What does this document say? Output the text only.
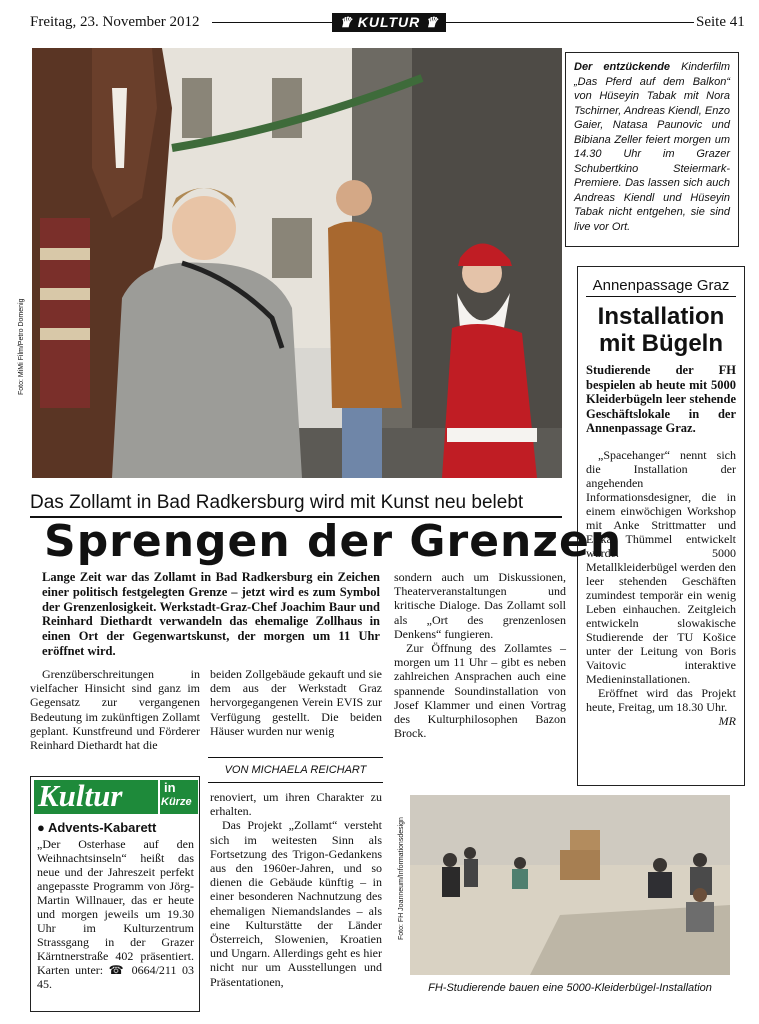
Freitag, 23. November 2012	♛ KULTUR ♛	Seite 41
Foto: MiMi Film/Petro Domenig

Der entzückende Kinderfilm „Das Pferd auf dem Balkon“ von Hüseyin Tabak mit Nora Tschirner, Andreas Kiendl, Enzo Gaier, Natasa Paunovic und Bibiana Zeller feiert morgen um 14.30 Uhr im Grazer Schubertkino Steiermark-Premiere. Das lassen sich auch Andreas Kiendl und Hüseyin Tabak nicht entgehen, sie sind live vor Ort.

Annenpassage Graz
Installation mit Bügeln
Studierende der FH bespielen ab heute mit 5000 Kleiderbügeln leer stehende Geschäftslokale in der Annenpassage Graz.

„Spacehanger“ nennt sich die Installation der angehenden Informationsdesigner, die in einem einwöchigen Workshop mit Anke Strittmatter und Erika Thümmel entwickelt wurde. 5000 Metallkleiderbügel werden den leer stehenden Geschäften zumindest temporär ein wenig Leben einhauchen. Zeitgleich entwickeln slowakische Studierende der TU Košice unter der Leitung von Boris Vaitovic interaktive Medieninstallationen.

Eröffnet wird das Projekt heute, Freitag, um 18.30 Uhr.
MR

Das Zollamt in Bad Radkersburg wird mit Kunst neu belebt
Sprengen der Grenzen
Lange Zeit war das Zollamt in Bad Radkersburg ein Zeichen einer politisch festgelegten Grenze – jetzt wird es zum Symbol der Grenzenlosigkeit. Werkstadt-Graz-Chef Joachim Baur und Reinhard Diethardt verwandeln das ehemalige Zollhaus in einen Ort der Gegenwartskunst, der morgen um 11 Uhr eröffnet wird.

Grenzüberschreitungen in vielfacher Hinsicht sind ganz im Gegensatz zur vergangenen Bedeutung im zukünftigen Zollamt geplant. Kunstfreund und Förderer Reinhard Diethardt hat die

beiden Zollgebäude gekauft und sie dem aus der Werkstadt Graz hervorgegangenen Verein EVIS zur Verfügung gestellt. Die beiden Häuser wurden nur wenig

VON MICHAELA REICHART

renoviert, um ihren Charakter zu erhalten.

Das Projekt „Zollamt“ versteht sich im weitesten Sinn als Fortsetzung des Trigon-Gedankens aus den 1960er-Jahren, und so dienen die Gebäude künftig – in einer besonderen Nachnutzung des ehemaligen Niemandslandes – als eine Kulturstätte der Länder Österreich, Slowenien, Kroatien und Ungarn. Allerdings geht es hier nicht nur um Ausstellungen und Präsentationen,

sondern auch um Diskussionen, Theaterveranstaltungen und kritische Dialoge. Das Zollamt soll als „Ort des grenzenlosen Denkens“ fungieren.

Zur Öffnung des Zollamtes – morgen um 11 Uhr – gibt es neben zahlreichen Ansprachen auch eine spannende Soundinstallation von Josef Klammer und einen Vortrag des Kulturphilosophen Bazon Brock.

Kultur	in
Kürze
● Advents-Kabarett
„Der Osterhase auf den Weihnachtsinseln“ heißt das neue und der Jahreszeit perfekt angepasste Programm von Jörg-Martin Willnauer, das er heute und morgen jeweils um 19.30 Uhr im Kulturzentrum Strassgang in der Grazer Kärntnerstraße 402 präsentiert. Karten unter: ☎ 0664/211 03 45.
Foto: FH Joanneum/Informationsdesign
FH-Studierende bauen eine 5000-Kleiderbügel-Installation
